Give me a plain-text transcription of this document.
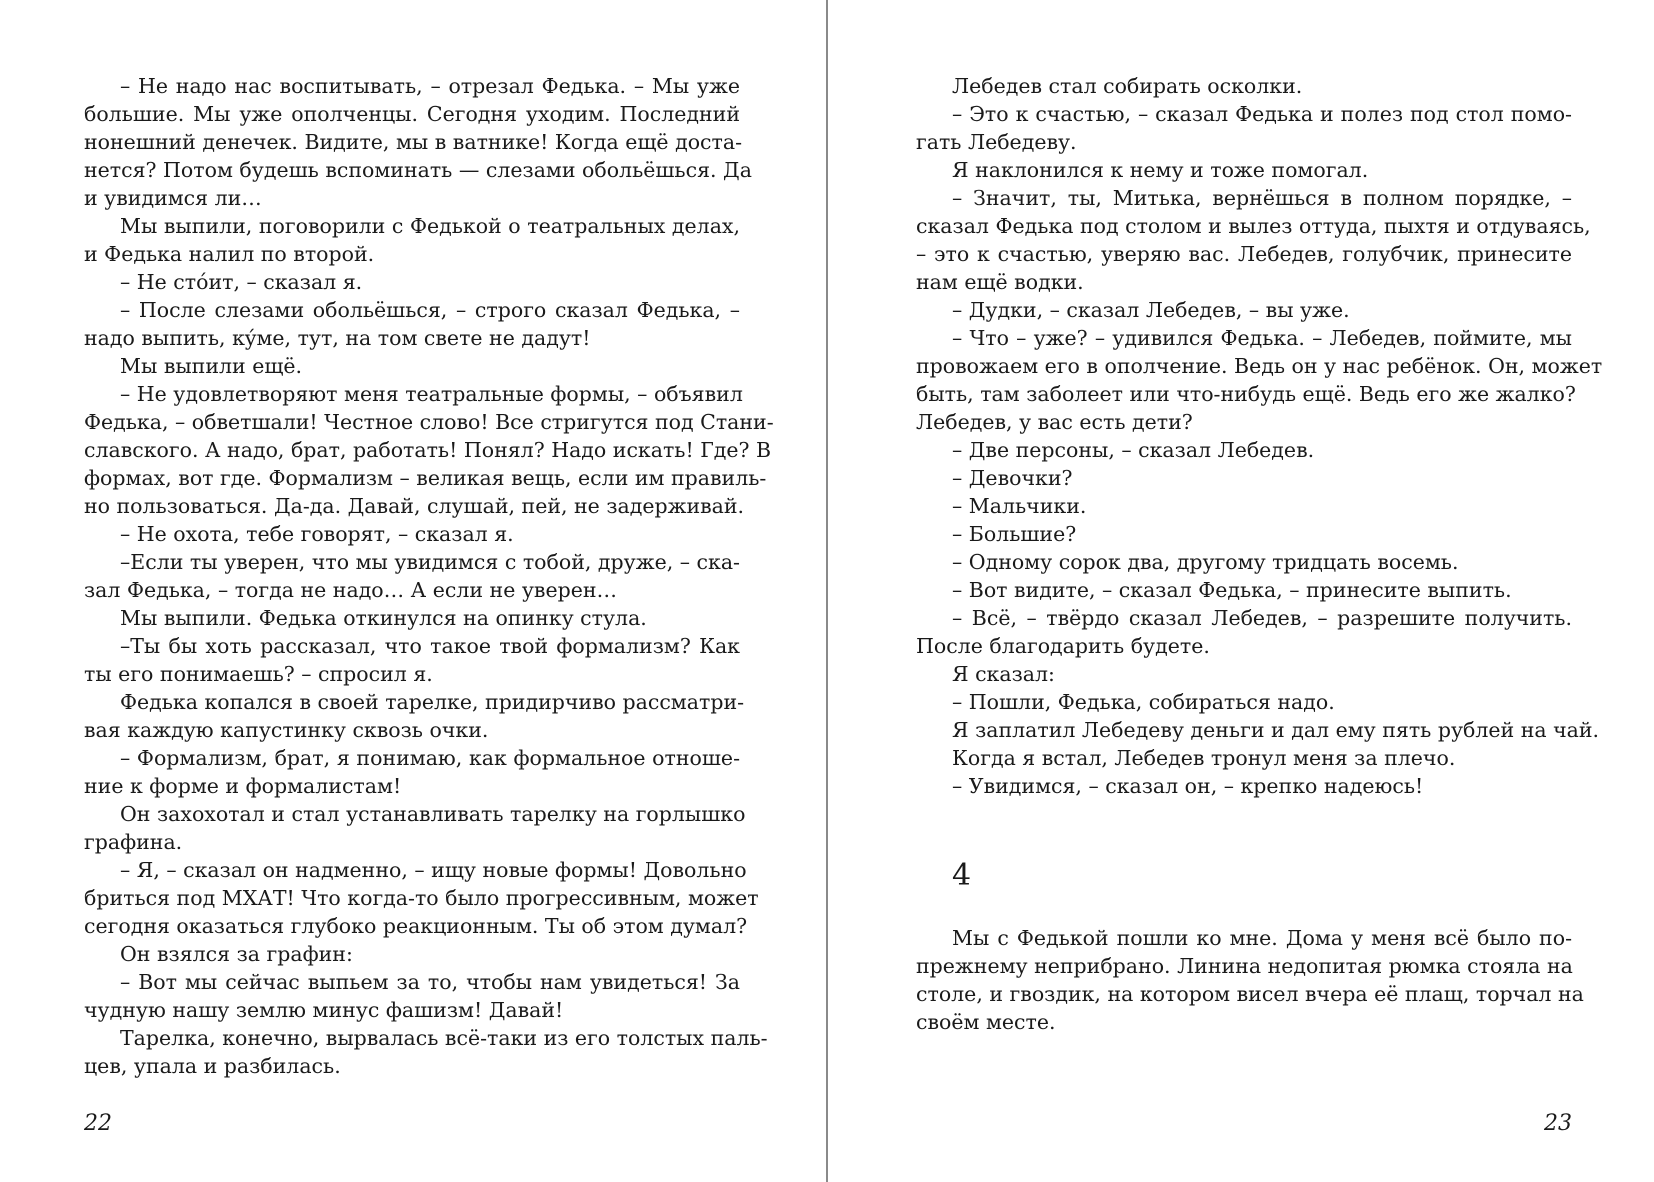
– Не надо нас воспитывать, – отрезал Федька. – Мы уже
большие. Мы уже ополченцы. Сегодня уходим. Последний
нонешний денечек. Видите, мы в ватнике! Когда ещё доста-
нется? Потом будешь вспоминать — слезами обольёшься. Да
и увидимся ли…
Мы выпили, поговорили с Федькой о театральных делах,
и Федька налил по второй.
– Не стóит, – сказал я.
– После слезами обольёшься, – строго сказал Федька, –
надо выпить, кýме, тут, на том свете не дадут!
Мы выпили ещё.
– Не удовлетворяют меня театральные формы, – объявил
Федька, – обветшали! Честное слово! Все стригутся под Стани-
славского. А надо, брат, работать! Понял? Надо искать! Где? В
формах, вот где. Формализм – великая вещь, если им правиль-
но пользоваться. Да-да. Давай, слушай, пей, не задерживай.
– Не охота, тебе говорят, – сказал я.
–Если ты уверен, что мы увидимся с тобой, друже, – ска-
зал Федька, – тогда не надо… А если не уверен…
Мы выпили. Федька откинулся на опинку стула.
–Ты бы хоть рассказал, что такое твой формализм? Как
ты его понимаешь? – спросил я.
Федька копался в своей тарелке, придирчиво рассматри-
вая каждую капустинку сквозь очки.
– Формализм, брат, я понимаю, как формальное отноше-
ние к форме и формалистам!
Он захохотал и стал устанавливать тарелку на горлышко
графина.
– Я, – сказал он надменно, – ищу новые формы! Довольно
бриться под МХАТ! Что когда-то было прогрессивным, может
сегодня оказаться глубоко реакционным. Ты об этом думал?
Он взялся за графин:
– Вот мы сейчас выпьем за то, чтобы нам увидеться! За
чудную нашу землю минус фашизм! Давай!
Тарелка, конечно, вырвалась всё-таки из его толстых паль-
цев, упала и разбилась.
22
Лебедев стал собирать осколки.
– Это к счастью, – сказал Федька и полез под стол помо-
гать Лебедеву.
Я наклонился к нему и тоже помогал.
– Значит, ты, Митька, вернёшься в полном порядке, –
сказал Федька под столом и вылез оттуда, пыхтя и отдуваясь,
– это к счастью, уверяю вас. Лебедев, голубчик, принесите
нам ещё водки.
– Дудки, – сказал Лебедев, – вы уже.
– Что – уже? – удивился Федька. – Лебедев, поймите, мы
провожаем его в ополчение. Ведь он у нас ребёнок. Он, может
быть, там заболеет или что-нибудь ещё. Ведь его же жалко?
Лебедев, у вас есть дети?
– Две персоны, – сказал Лебедев.
– Девочки?
– Мальчики.
– Большие?
– Одному сорок два, другому тридцать восемь.
– Вот видите, – сказал Федька, – принесите выпить.
– Всё, – твёрдо сказал Лебедев, – разрешите получить.
После благодарить будете.
Я сказал:
– Пошли, Федька, собираться надо.
Я заплатил Лебедеву деньги и дал ему пять рублей на чай.
Когда я встал, Лебедев тронул меня за плечо.
– Увидимся, – сказал он, – крепко надеюсь!
4
Мы с Федькой пошли ко мне. Дома у меня всё было по-
прежнему неприбрано. Линина недопитая рюмка стояла на
столе, и гвоздик, на котором висел вчера её плащ, торчал на
своём месте.
23
